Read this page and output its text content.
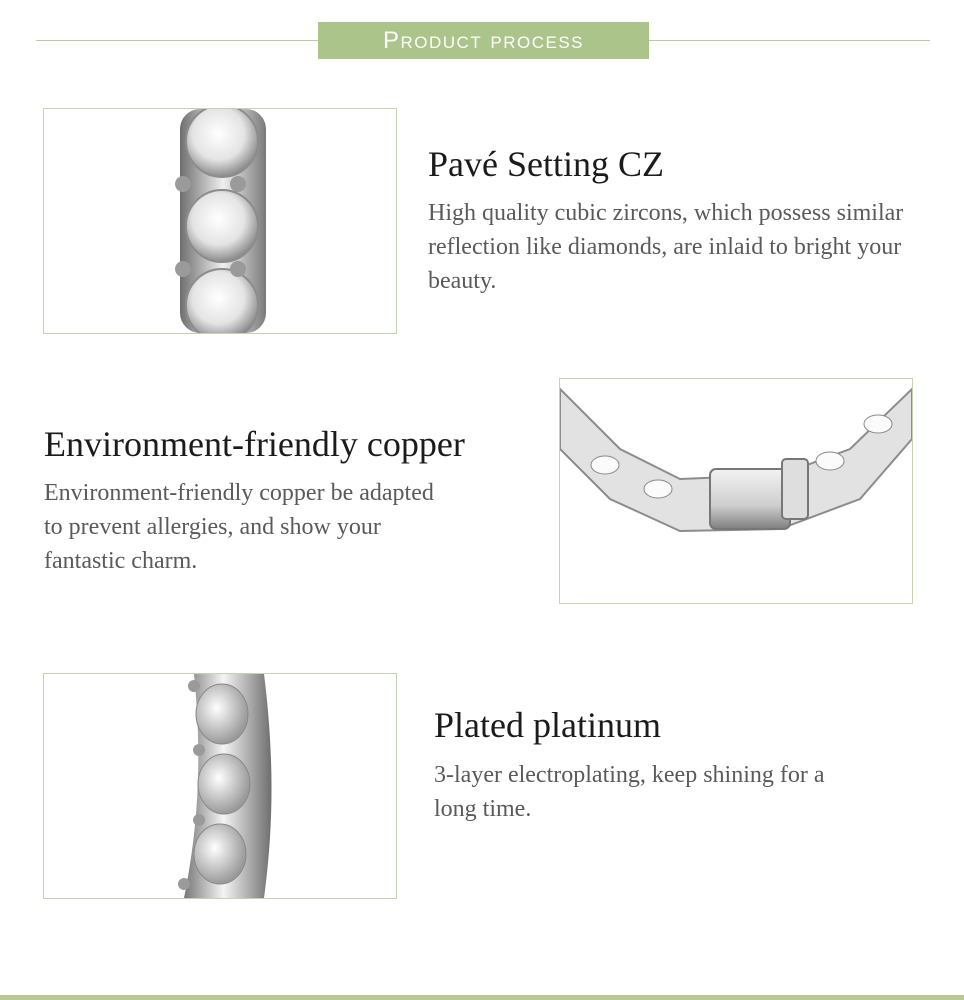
Product process
Pavé Setting CZ
High quality cubic zircons, which possess similar reflection like diamonds, are inlaid to bright your beauty.
Environment-friendly copper
Environment-friendly copper be adapted to prevent allergies, and show your fantastic charm.
Plated platinum
3-layer electroplating, keep shining for a long time.
